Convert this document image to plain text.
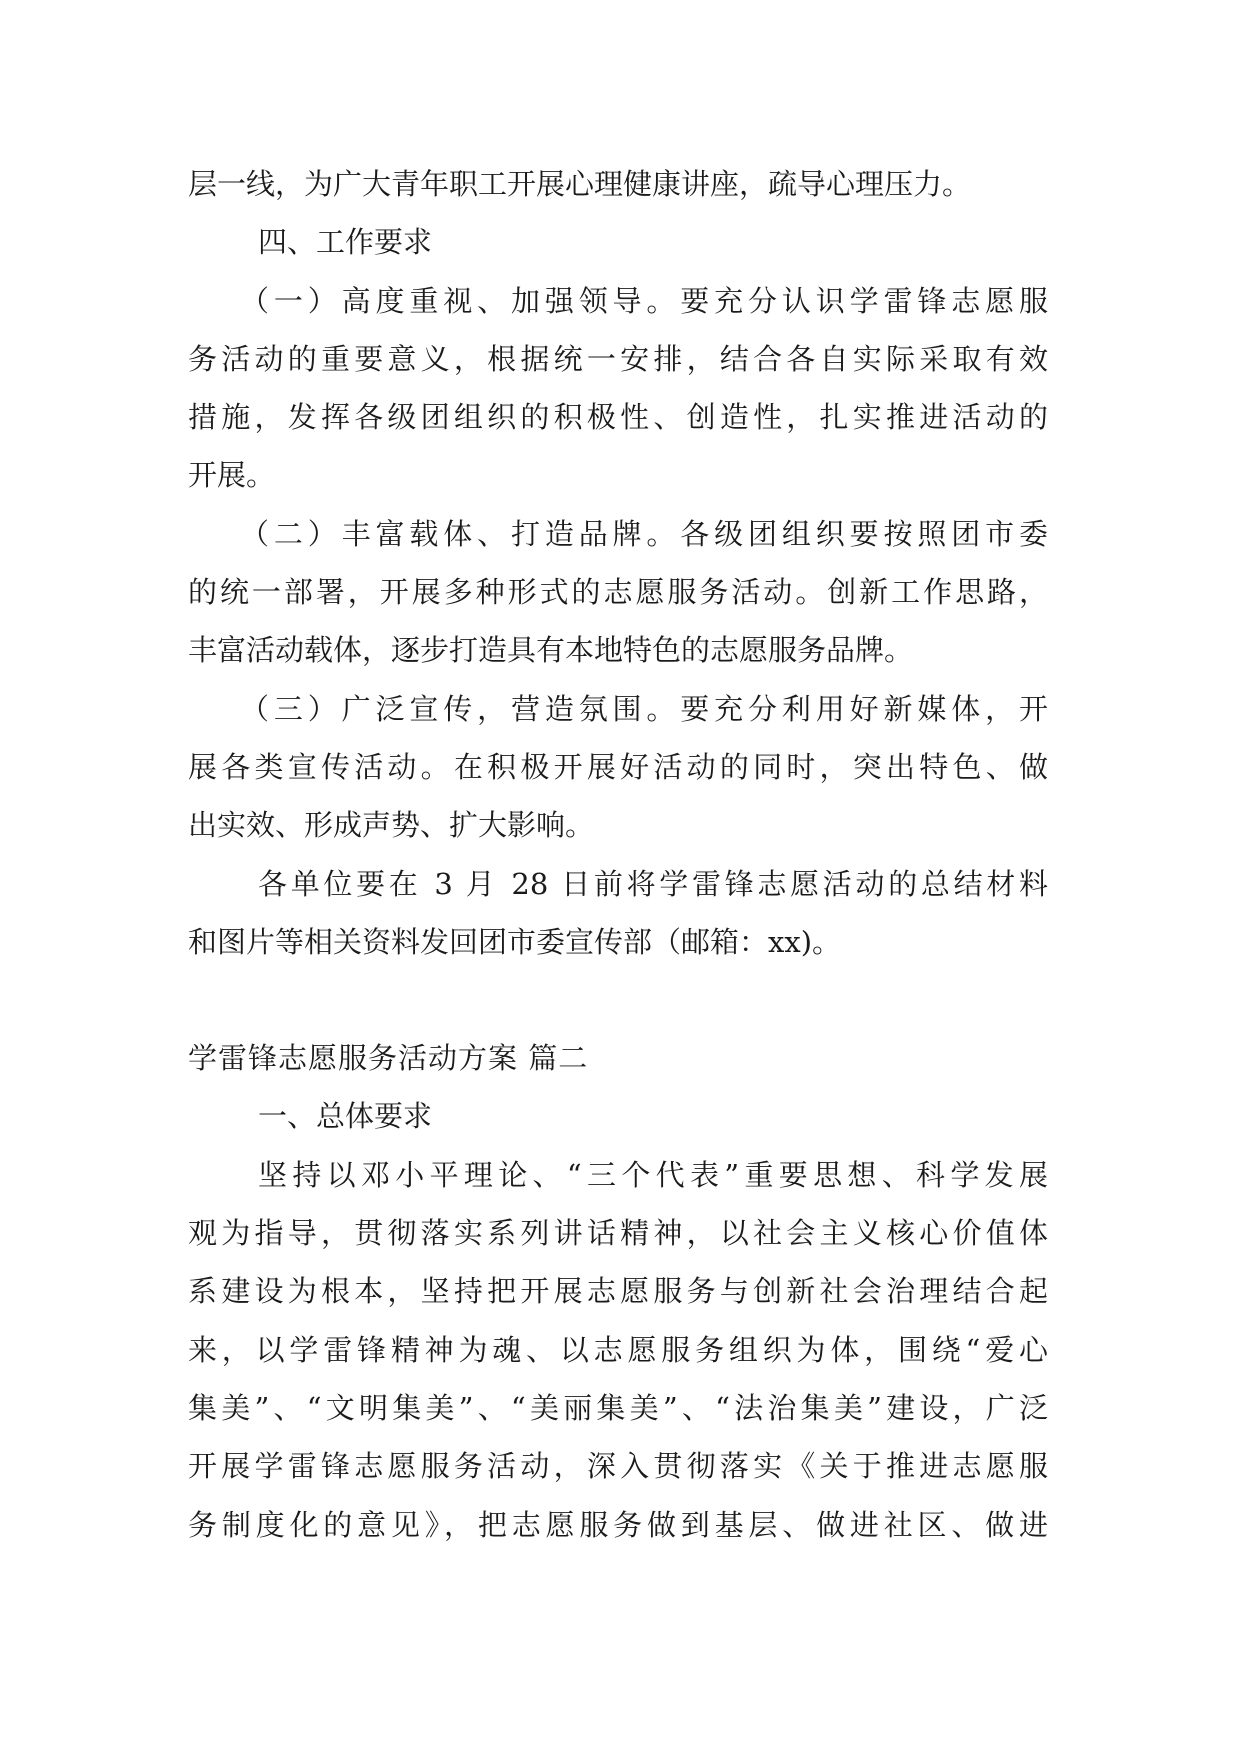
层一线，为广大青年职工开展心理健康讲座，疏导心理压力。
四、工作要求
（一）高度重视、加强领导。要充分认识学雷锋志愿服
务活动的重要意义，根据统一安排，结合各自实际采取有效
措施，发挥各级团组织的积极性、创造性，扎实推进活动的
开展。
（二）丰富载体、打造品牌。各级团组织要按照团市委
的统一部署，开展多种形式的志愿服务活动。创新工作思路，
丰富活动载体，逐步打造具有本地特色的志愿服务品牌。
（三）广泛宣传，营造氛围。要充分利用好新媒体，开
展各类宣传活动。在积极开展好活动的同时，突出特色、做
出实效、形成声势、扩大影响。
各单位要在 3 月 28 日前将学雷锋志愿活动的总结材料
和图片等相关资料发回团市委宣传部（邮箱：xx)。
学雷锋志愿服务活动方案 篇二
一、总体要求
坚持以邓小平理论、“三个代表”重要思想、科学发展
观为指导，贯彻落实系列讲话精神，以社会主义核心价值体
系建设为根本，坚持把开展志愿服务与创新社会治理结合起
来，以学雷锋精神为魂、以志愿服务组织为体，围绕“爱心
集美”、“文明集美”、“美丽集美”、“法治集美”建设，广泛
开展学雷锋志愿服务活动，深入贯彻落实《关于推进志愿服
务制度化的意见》，把志愿服务做到基层、做进社区、做进
